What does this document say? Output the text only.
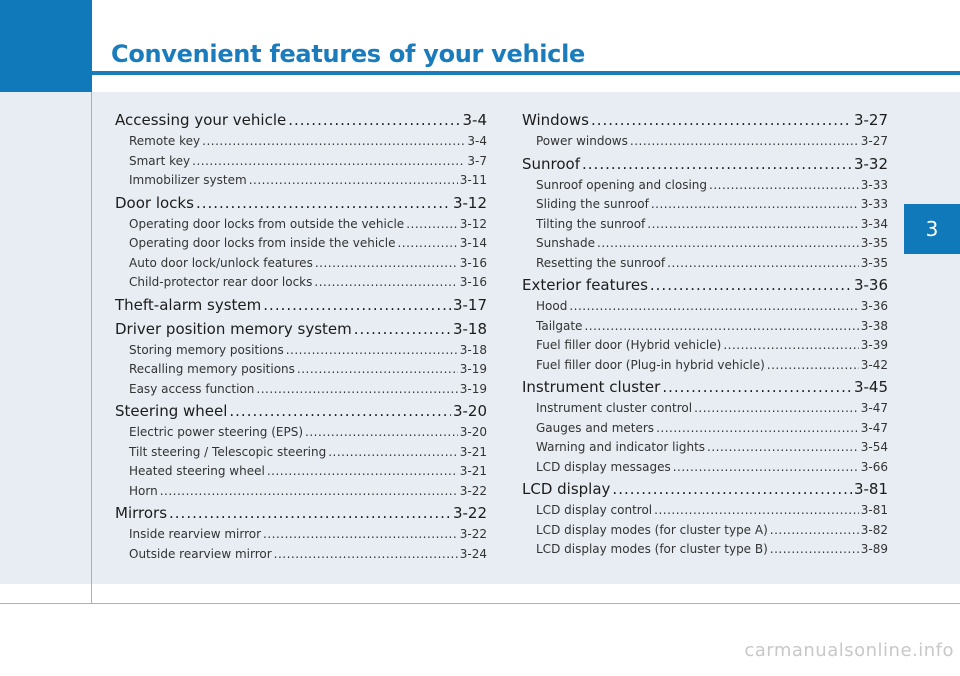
Convenient features of your vehicle
3
Accessing your vehicle .....	3-4
Remote key .....	3-4
Smart key .....	3-7
Immobilizer system .....	3-11
Door locks .....	3-12
Operating door locks from outside the vehicle .....	3-12
Operating door locks from inside the vehicle .....	3-14
Auto door lock/unlock features .....	3-16
Child-protector rear door locks .....	3-16
Theft-alarm system .....	3-17
Driver position memory system .....	3-18
Storing memory positions .....	3-18
Recalling memory positions .....	3-19
Easy access function .....	3-19
Steering wheel .....	3-20
Electric power steering (EPS) .....	3-20
Tilt steering / Telescopic steering .....	3-21
Heated steering wheel .....	3-21
Horn .....	3-22
Mirrors .....	3-22
Inside rearview mirror .....	3-22
Outside rearview mirror .....	3-24
Windows .....	3-27
Power windows .....	3-27
Sunroof .....	3-32
Sunroof opening and closing .....	3-33
Sliding the sunroof .....	3-33
Tilting the sunroof .....	3-34
Sunshade .....	3-35
Resetting the sunroof .....	3-35
Exterior features .....	3-36
Hood .....	3-36
Tailgate .....	3-38
Fuel filler door (Hybrid vehicle) .....	3-39
Fuel filler door (Plug-in hybrid vehicle) .....	3-42
Instrument cluster .....	3-45
Instrument cluster control .....	3-47
Gauges and meters .....	3-47
Warning and indicator lights .....	3-54
LCD display messages .....	3-66
LCD display .....	3-81
LCD display control .....	3-81
LCD display modes (for cluster type A) .....	3-82
LCD display modes (for cluster type B) .....	3-89
carmanualsonline.info
